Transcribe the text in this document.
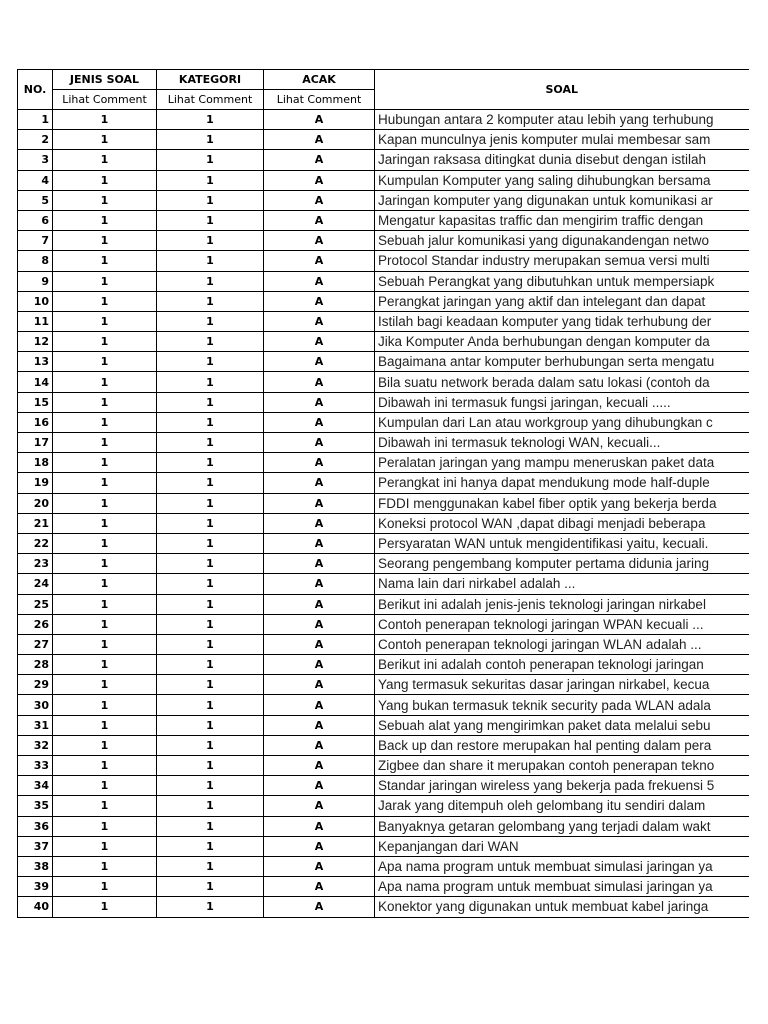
NO.	JENIS SOAL	KATEGORI	ACAK	SOAL
	Lihat Comment	Lihat Comment	Lihat Comment	
1	1	1	A	Hubungan antara 2 komputer atau lebih yang terhubung
2	1	1	A	Kapan munculnya jenis komputer mulai membesar sam
3	1	1	A	Jaringan raksasa ditingkat dunia disebut dengan istilah
4	1	1	A	Kumpulan Komputer yang saling dihubungkan bersama
5	1	1	A	Jaringan komputer yang digunakan untuk komunikasi ar
6	1	1	A	Mengatur kapasitas traffic dan mengirim traffic dengan
7	1	1	A	Sebuah jalur komunikasi yang digunakandengan netwo
8	1	1	A	Protocol Standar industry merupakan semua versi multi
9	1	1	A	Sebuah Perangkat yang dibutuhkan untuk mempersiapk
10	1	1	A	Perangkat jaringan yang aktif dan intelegant dan dapat
11	1	1	A	Istilah bagi keadaan komputer yang tidak terhubung der
12	1	1	A	Jika Komputer Anda berhubungan dengan komputer da
13	1	1	A	Bagaimana antar komputer berhubungan serta mengatu
14	1	1	A	Bila suatu network berada dalam satu lokasi (contoh da
15	1	1	A	Dibawah ini termasuk fungsi jaringan, kecuali .....
16	1	1	A	Kumpulan dari Lan atau workgroup yang dihubungkan c
17	1	1	A	Dibawah ini termasuk teknologi WAN, kecuali...
18	1	1	A	Peralatan jaringan yang mampu meneruskan paket data
19	1	1	A	Perangkat ini hanya dapat mendukung mode half-duple
20	1	1	A	FDDI menggunakan kabel fiber optik yang bekerja berda
21	1	1	A	Koneksi protocol WAN ,dapat dibagi menjadi beberapa
22	1	1	A	Persyaratan WAN untuk mengidentifikasi yaitu, kecuali.
23	1	1	A	Seorang pengembang komputer pertama didunia jaring
24	1	1	A	Nama lain dari nirkabel adalah ...
25	1	1	A	Berikut ini adalah jenis-jenis teknologi jaringan nirkabel
26	1	1	A	Contoh penerapan teknologi jaringan WPAN kecuali ...
27	1	1	A	Contoh penerapan teknologi jaringan WLAN adalah ...
28	1	1	A	Berikut ini adalah contoh penerapan teknologi jaringan
29	1	1	A	Yang termasuk sekuritas dasar jaringan nirkabel, kecua
30	1	1	A	Yang bukan termasuk teknik security pada WLAN adala
31	1	1	A	Sebuah alat yang mengirimkan paket data melalui sebu
32	1	1	A	Back up dan restore merupakan hal penting dalam pera
33	1	1	A	Zigbee dan share it merupakan contoh penerapan tekno
34	1	1	A	Standar jaringan wireless yang bekerja pada frekuensi 5
35	1	1	A	Jarak yang ditempuh oleh gelombang itu sendiri dalam
36	1	1	A	Banyaknya getaran gelombang yang terjadi dalam wakt
37	1	1	A	Kepanjangan dari WAN
38	1	1	A	Apa nama program untuk membuat simulasi jaringan ya
39	1	1	A	Apa nama program untuk membuat simulasi jaringan ya
40	1	1	A	Konektor yang digunakan untuk membuat kabel jaringa
